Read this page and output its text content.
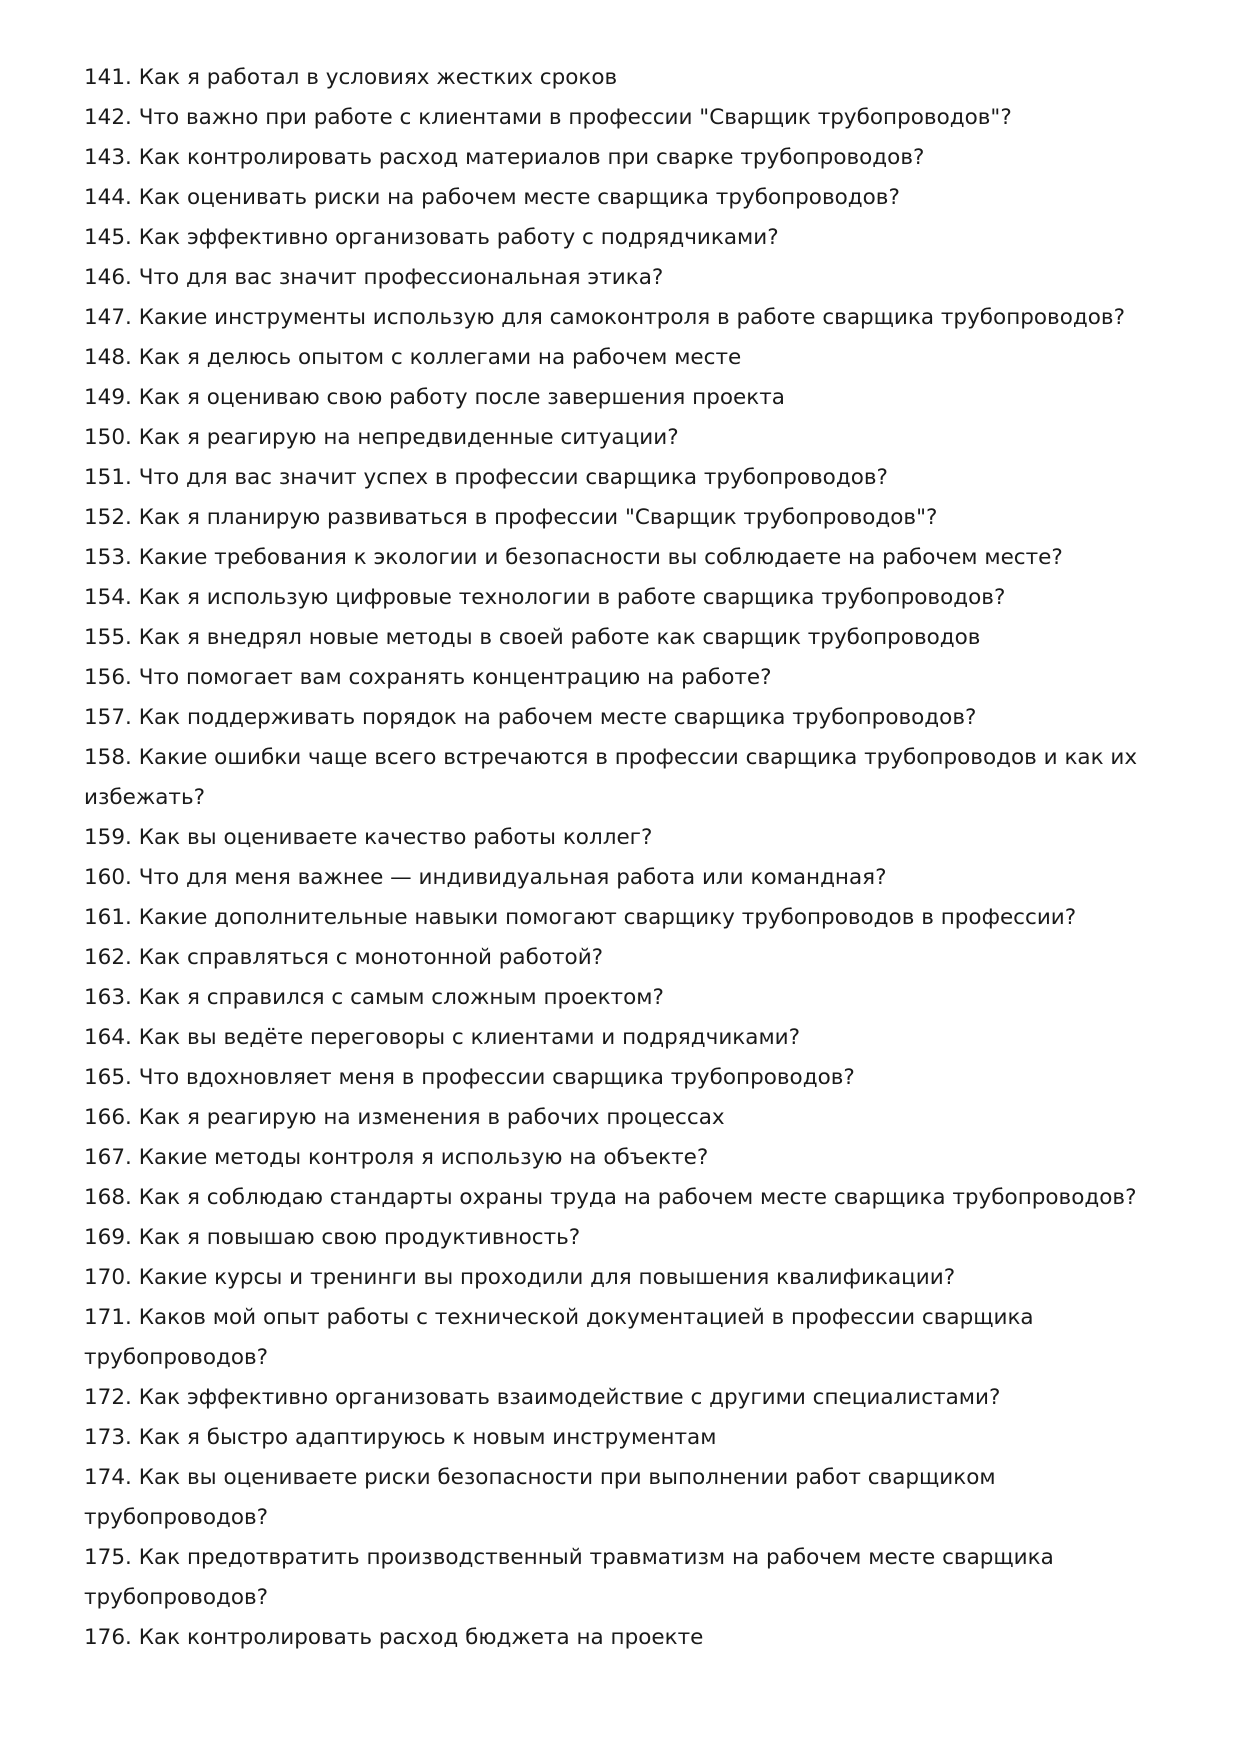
141. Как я работал в условиях жестких сроков

142. Что важно при работе с клиентами в профессии "Сварщик трубопроводов"?

143. Как контролировать расход материалов при сварке трубопроводов?

144. Как оценивать риски на рабочем месте сварщика трубопроводов?

145. Как эффективно организовать работу с подрядчиками?

146. Что для вас значит профессиональная этика?

147. Какие инструменты использую для самоконтроля в работе сварщика трубопроводов?

148. Как я делюсь опытом с коллегами на рабочем месте

149. Как я оцениваю свою работу после завершения проекта

150. Как я реагирую на непредвиденные ситуации?

151. Что для вас значит успех в профессии сварщика трубопроводов?

152. Как я планирую развиваться в профессии "Сварщик трубопроводов"?

153. Какие требования к экологии и безопасности вы соблюдаете на рабочем месте?

154. Как я использую цифровые технологии в работе сварщика трубопроводов?

155. Как я внедрял новые методы в своей работе как сварщик трубопроводов

156. Что помогает вам сохранять концентрацию на работе?

157. Как поддерживать порядок на рабочем месте сварщика трубопроводов?

158. Какие ошибки чаще всего встречаются в профессии сварщика трубопроводов и как их избежать?

159. Как вы оцениваете качество работы коллег?

160. Что для меня важнее — индивидуальная работа или командная?

161. Какие дополнительные навыки помогают сварщику трубопроводов в профессии?

162. Как справляться с монотонной работой?

163. Как я справился с самым сложным проектом?

164. Как вы ведёте переговоры с клиентами и подрядчиками?

165. Что вдохновляет меня в профессии сварщика трубопроводов?

166. Как я реагирую на изменения в рабочих процессах

167. Какие методы контроля я использую на объекте?

168. Как я соблюдаю стандарты охраны труда на рабочем месте сварщика трубопроводов?

169. Как я повышаю свою продуктивность?

170. Какие курсы и тренинги вы проходили для повышения квалификации?

171. Каков мой опыт работы с технической документацией в профессии сварщика трубопроводов?

172. Как эффективно организовать взаимодействие с другими специалистами?

173. Как я быстро адаптируюсь к новым инструментам

174. Как вы оцениваете риски безопасности при выполнении работ сварщиком трубопроводов?

175. Как предотвратить производственный травматизм на рабочем месте сварщика трубопроводов?

176. Как контролировать расход бюджета на проекте
